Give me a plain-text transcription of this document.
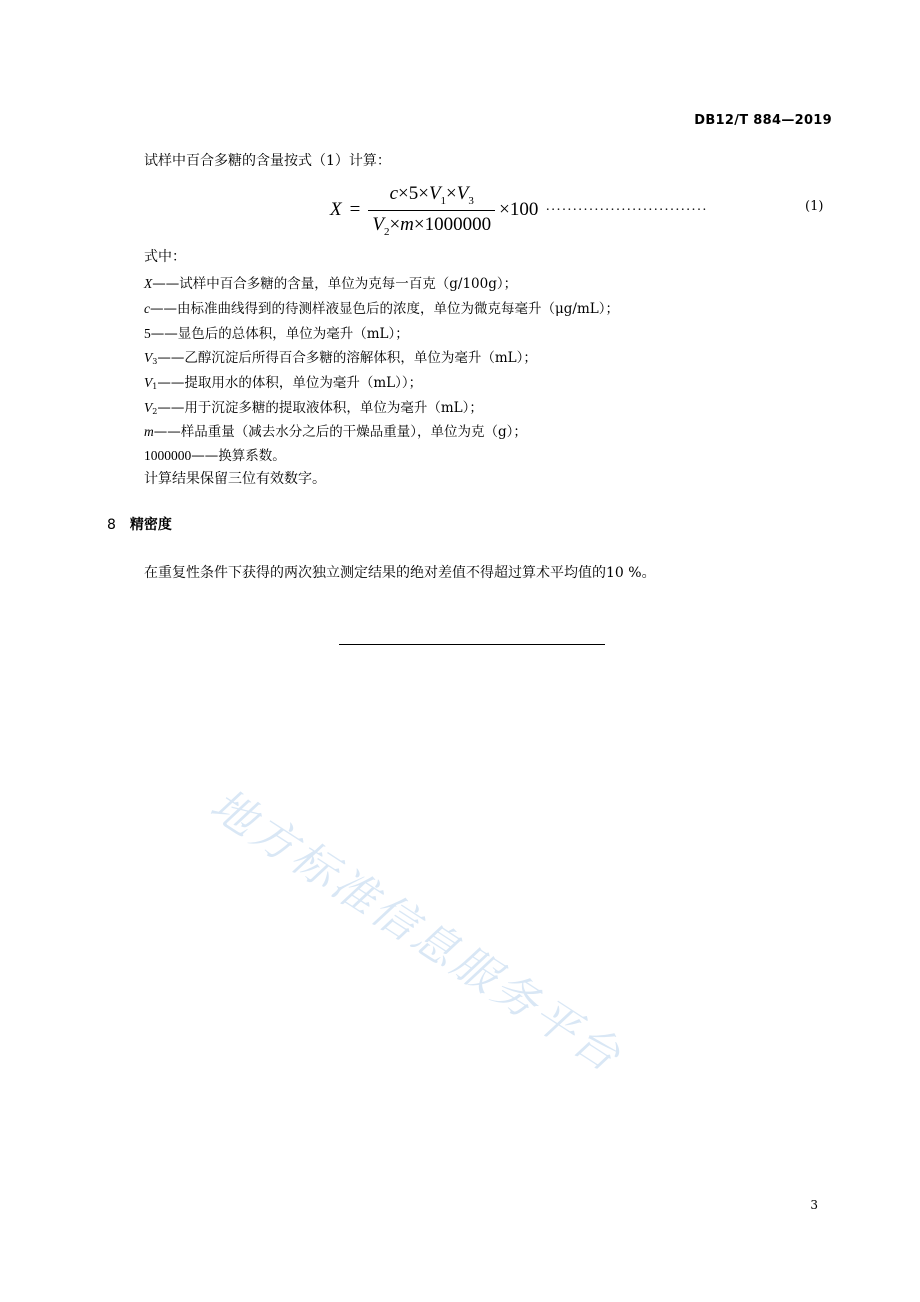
DB12/T 884—2019
试样中百合多糖的含量按式（1）计算：
$X = \frac{c\times 5\times V_1\times V_3}{V_2\times m\times 1000000} \times 100$ ..............................	(1)
式中：
X——试样中百合多糖的含量，单位为克每一百克（g/100g）；
c——由标准曲线得到的待测样液显色后的浓度，单位为微克每毫升（μg/mL）；
5——显色后的总体积，单位为毫升（mL）；
V3——乙醇沉淀后所得百合多糖的溶解体积，单位为毫升（mL）；
V1——提取用水的体积，单位为毫升（mL））；
V2——用于沉淀多糖的提取液体积，单位为毫升（mL）；
m——样品重量（减去水分之后的干燥品重量），单位为克（g）；
1000000——换算系数。
计算结果保留三位有效数字。
8 精密度
在重复性条件下获得的两次独立测定结果的绝对差值不得超过算术平均值的10 %。
地方标准信息服务平台
3
